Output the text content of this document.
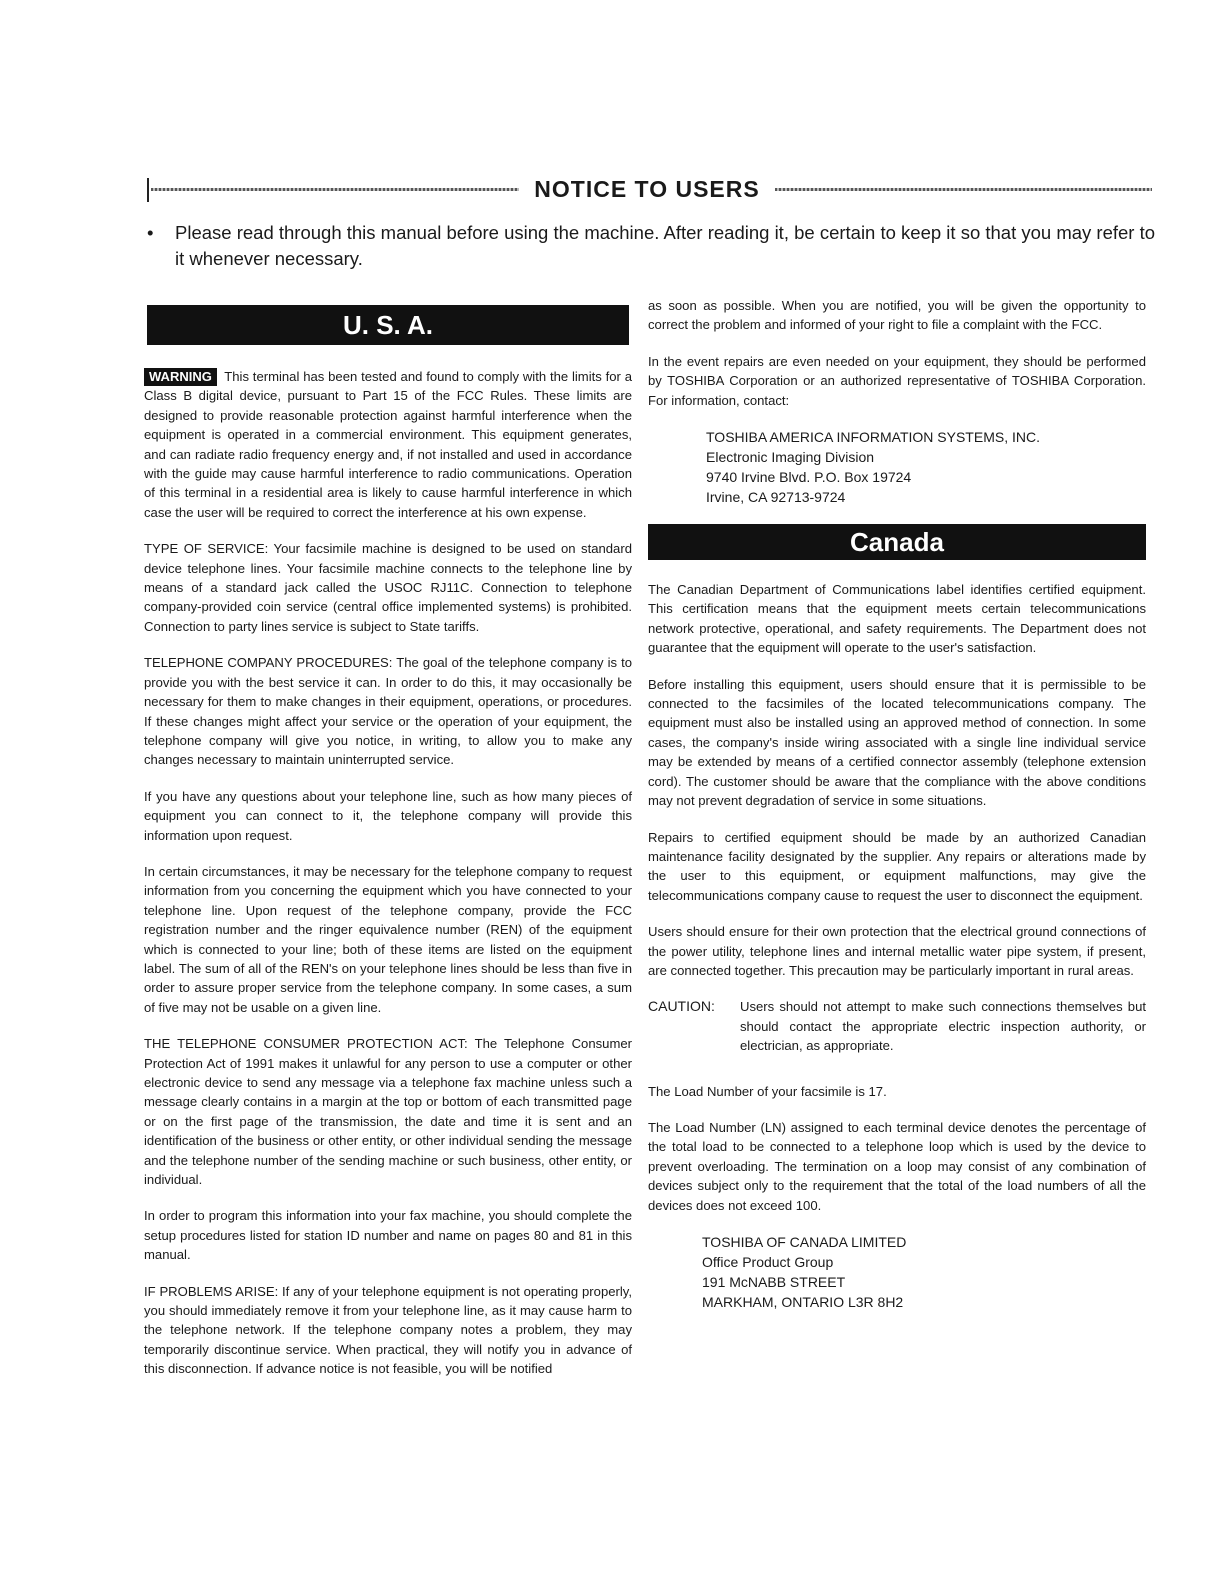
NOTICE TO USERS
• Please read through this manual before using the machine. After reading it, be certain to keep it so that you may refer to it whenever necessary.
U. S. A.

WARNING This terminal has been tested and found to comply with the limits for a Class B digital device, pursuant to Part 15 of the FCC Rules. These limits are designed to provide reasonable protection against harmful interference when the equipment is operated in a commercial environment. This equipment generates, and can radiate radio frequency energy and, if not installed and used in accordance with the guide may cause harmful interference to radio communications. Operation of this terminal in a residential area is likely to cause harmful interference in which case the user will be required to correct the interference at his own expense.

TYPE OF SERVICE: Your facsimile machine is designed to be used on standard device telephone lines. Your facsimile machine connects to the telephone line by means of a standard jack called the USOC RJ11C. Connection to telephone company-provided coin service (central office implemented systems) is prohibited. Connection to party lines service is subject to State tariffs.

TELEPHONE COMPANY PROCEDURES: The goal of the telephone company is to provide you with the best service it can. In order to do this, it may occasionally be necessary for them to make changes in their equipment, operations, or procedures. If these changes might affect your service or the operation of your equipment, the telephone company will give you notice, in writing, to allow you to make any changes necessary to maintain uninterrupted service.

If you have any questions about your telephone line, such as how many pieces of equipment you can connect to it, the telephone company will provide this information upon request.

In certain circumstances, it may be necessary for the telephone company to request information from you concerning the equipment which you have connected to your telephone line. Upon request of the telephone company, provide the FCC registration number and the ringer equivalence number (REN) of the equipment which is connected to your line; both of these items are listed on the equipment label. The sum of all of the REN's on your telephone lines should be less than five in order to assure proper service from the telephone company. In some cases, a sum of five may not be usable on a given line.

THE TELEPHONE CONSUMER PROTECTION ACT: The Telephone Consumer Protection Act of 1991 makes it unlawful for any person to use a computer or other electronic device to send any message via a telephone fax machine unless such a message clearly contains in a margin at the top or bottom of each transmitted page or on the first page of the transmission, the date and time it is sent and an identification of the business or other entity, or other individual sending the message and the telephone number of the sending machine or such business, other entity, or individual.

In order to program this information into your fax machine, you should complete the setup procedures listed for station ID number and name on pages 80 and 81 in this manual.

IF PROBLEMS ARISE: If any of your telephone equipment is not operating properly, you should immediately remove it from your telephone line, as it may cause harm to the telephone network. If the telephone company notes a problem, they may temporarily discontinue service. When practical, they will notify you in advance of this disconnection. If advance notice is not feasible, you will be notified

as soon as possible. When you are notified, you will be given the opportunity to correct the problem and informed of your right to file a complaint with the FCC.

In the event repairs are even needed on your equipment, they should be performed by TOSHIBA Corporation or an authorized representative of TOSHIBA Corporation. For information, contact:

TOSHIBA AMERICA INFORMATION SYSTEMS, INC.
Electronic Imaging Division
9740 Irvine Blvd. P.O. Box 19724
Irvine, CA 92713-9724
Canada

The Canadian Department of Communications label identifies certified equipment. This certification means that the equipment meets certain telecommunications network protective, operational, and safety requirements. The Department does not guarantee that the equipment will operate to the user's satisfaction.

Before installing this equipment, users should ensure that it is permissible to be connected to the facsimiles of the located telecommunications company. The equipment must also be installed using an approved method of connection. In some cases, the company's inside wiring associated with a single line individual service may be extended by means of a certified connector assembly (telephone extension cord). The customer should be aware that the compliance with the above conditions may not prevent degradation of service in some situations.

Repairs to certified equipment should be made by an authorized Canadian maintenance facility designated by the supplier. Any repairs or alterations made by the user to this equipment, or equipment malfunctions, may give the telecommunications company cause to request the user to disconnect the equipment.

Users should ensure for their own protection that the electrical ground connections of the power utility, telephone lines and internal metallic water pipe system, if present, are connected together. This precaution may be particularly important in rural areas.

CAUTION:	Users should not attempt to make such connections themselves but should contact the appropriate electric inspection authority, or electrician, as appropriate.

The Load Number of your facsimile is 17.

The Load Number (LN) assigned to each terminal device denotes the percentage of the total load to be connected to a telephone loop which is used by the device to prevent overloading. The termination on a loop may consist of any combination of devices subject only to the requirement that the total of the load numbers of all the devices does not exceed 100.

TOSHIBA OF CANADA LIMITED
Office Product Group
191 McNABB STREET
MARKHAM, ONTARIO L3R 8H2
